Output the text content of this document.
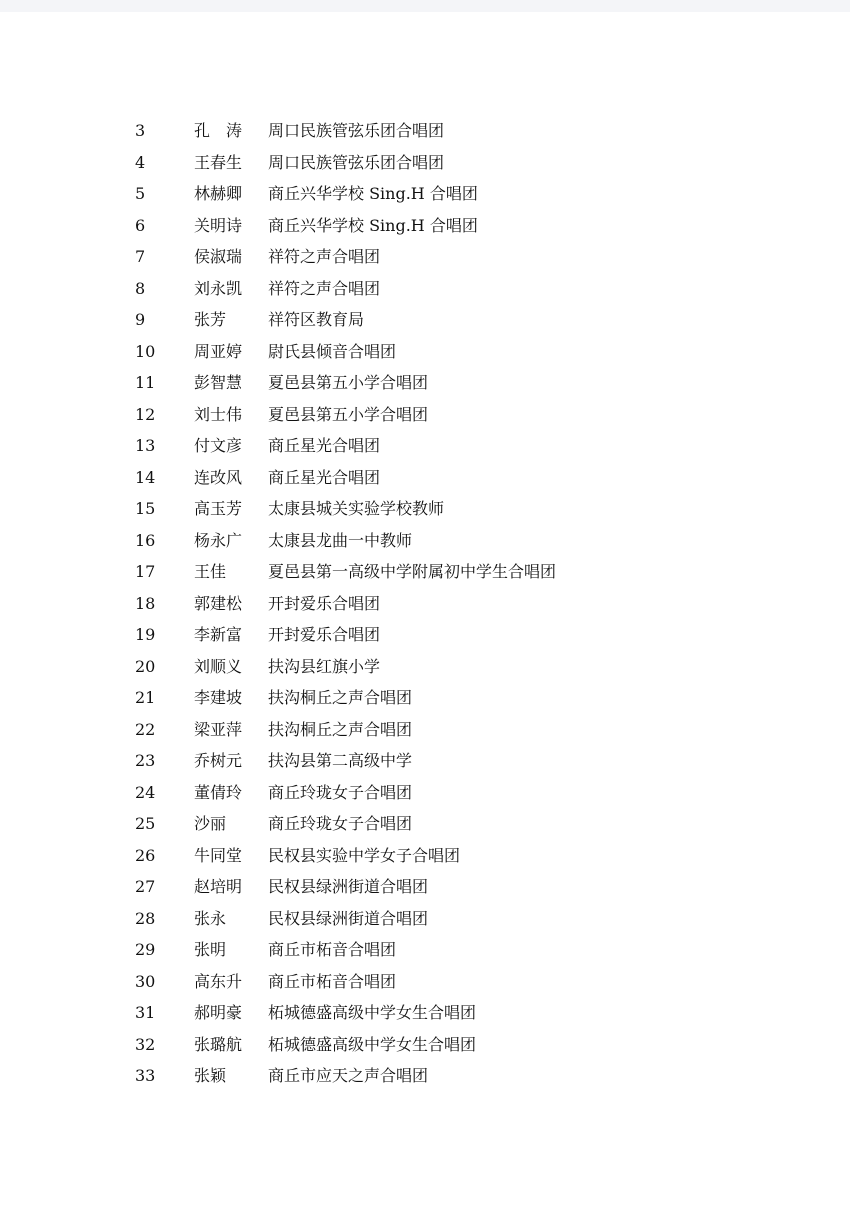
3	孔　涛 周口民族管弦乐团合唱团
4	王春生 周口民族管弦乐团合唱团
5	林赫卿 商丘兴华学校 Sing.H 合唱团
6	关明诗 商丘兴华学校 Sing.H 合唱团
7	侯淑瑞 祥符之声合唱团
8	刘永凯 祥符之声合唱团
9	张芳	祥符区教育局
10 周亚婷 尉氏县倾音合唱团
11 彭智慧 夏邑县第五小学合唱团
12 刘士伟 夏邑县第五小学合唱团
13 付文彦 商丘星光合唱团
14 连改风 商丘星光合唱团
15 高玉芳 太康县城关实验学校教师
16 杨永广 太康县龙曲一中教师
17 王佳	夏邑县第一高级中学附属初中学生合唱团
18 郭建松 开封爱乐合唱团
19 李新富 开封爱乐合唱团
20 刘顺义 扶沟县红旗小学
21 李建坡 扶沟桐丘之声合唱团
22 梁亚萍 扶沟桐丘之声合唱团
23 乔树元 扶沟县第二高级中学
24 董倩玲 商丘玲珑女子合唱团
25 沙丽	商丘玲珑女子合唱团
26 牛同堂 民权县实验中学女子合唱团
27 赵培明 民权县绿洲街道合唱团
28 张永	民权县绿洲街道合唱团
29 张明	商丘市柘音合唱团
30 高东升 商丘市柘音合唱团
31 郝明豪 柘城德盛高级中学女生合唱团
32 张璐航 柘城德盛高级中学女生合唱团
33 张颖	商丘市应天之声合唱团
